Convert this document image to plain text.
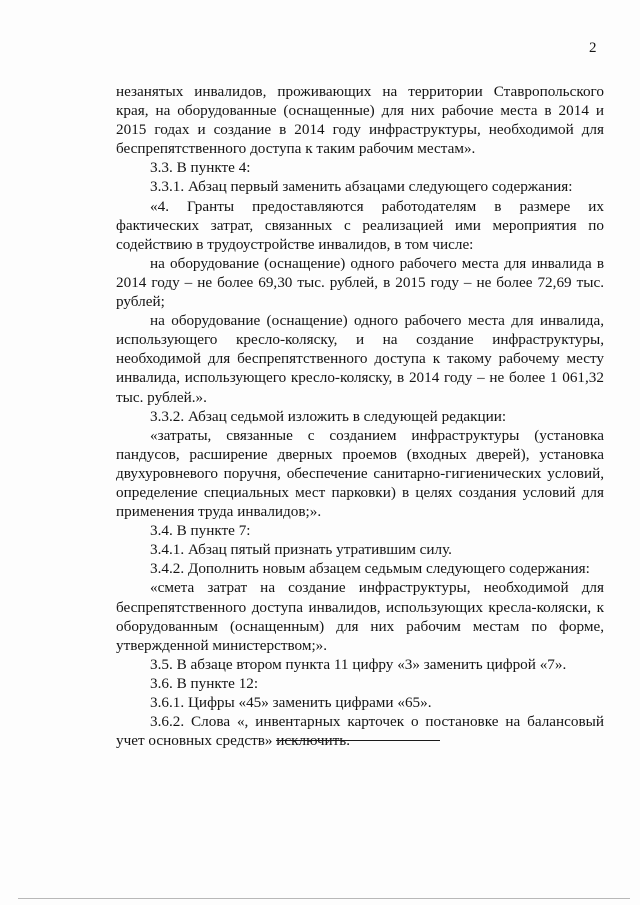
2

незанятых инвалидов, проживающих на территории Ставропольского края, на оборудованные (оснащенные) для них рабочие места в 2014 и 2015 годах и создание в 2014 году инфраструктуры, необходимой для беспрепятственного доступа к таким рабочим местам».

3.3. В пункте 4:

3.3.1. Абзац первый заменить абзацами следующего содержания:

«4. Гранты предоставляются работодателям в размере их фактических затрат, связанных с реализацией ими мероприятия по содействию в трудоустройстве инвалидов, в том числе:

на оборудование (оснащение) одного рабочего места для инвалида в 2014 году – не более 69,30 тыс. рублей, в 2015 году – не более 72,69 тыс. рублей;

на оборудование (оснащение) одного рабочего места для инвалида, использующего кресло-коляску, и на создание инфраструктуры, необходимой для беспрепятственного доступа к такому рабочему месту инвалида, использующего кресло-коляску, в 2014 году – не более 1 061,32 тыс. рублей.».

3.3.2. Абзац седьмой изложить в следующей редакции:

«затраты, связанные с созданием инфраструктуры (установка пандусов, расширение дверных проемов (входных дверей), установка двухуровневого поручня, обеспечение санитарно-гигиенических условий, определение специальных мест парковки) в целях создания условий для применения труда инвалидов;».

3.4. В пункте 7:

3.4.1. Абзац пятый признать утратившим силу.

3.4.2. Дополнить новым абзацем седьмым следующего содержания:

«смета затрат на создание инфраструктуры, необходимой для беспрепятственного доступа инвалидов, использующих кресла-коляски, к оборудованным (оснащенным) для них рабочим местам по форме, утвержденной министерством;».

3.5. В абзаце втором пункта 11 цифру «3» заменить цифрой «7».

3.6. В пункте 12:

3.6.1. Цифры «45» заменить цифрами «65».

3.6.2. Слова «, инвентарных карточек о постановке на балансовый учет основных средств» исключить.
